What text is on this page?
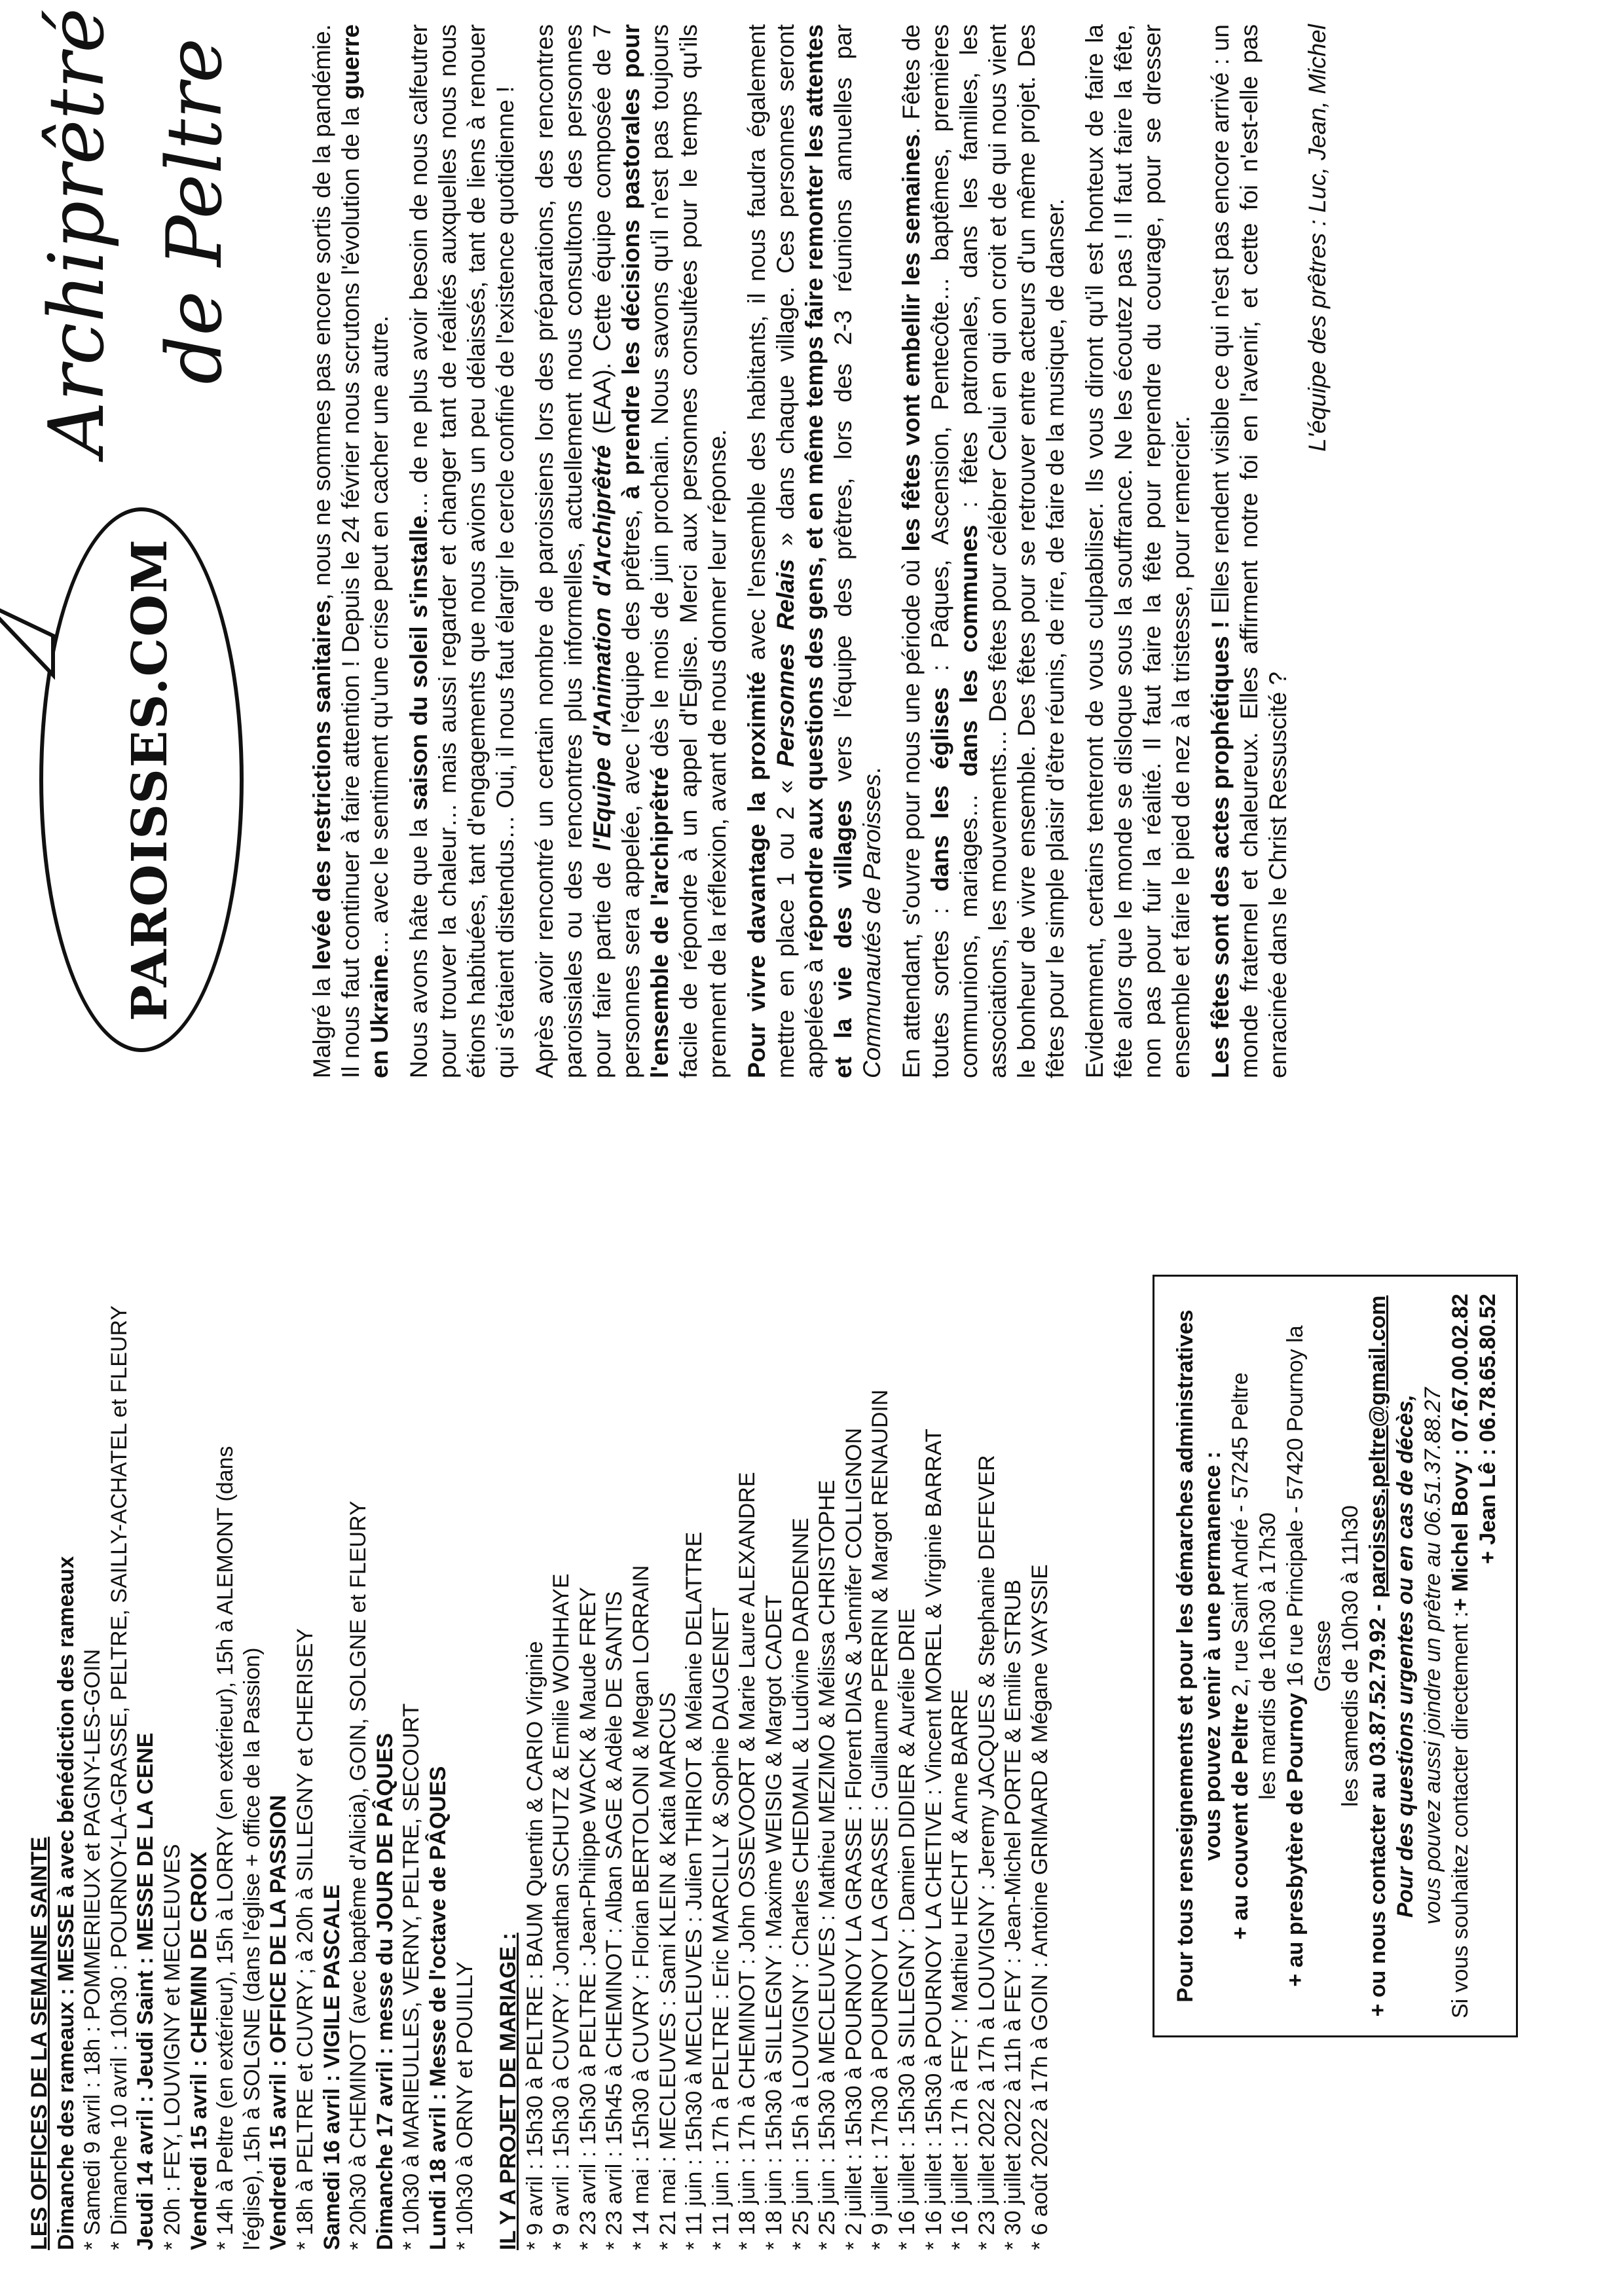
LES OFFICES DE LA SEMAINE SAINTE Dimanche des rameaux : MESSE à avec bénédiction des rameaux * Samedi 9 avril : 18h : POMMERIEUX et PAGNY-LES-GOIN * Dimanche 10 avril : 10h30 : POURNOY-LA-GRASSE, PELTRE, SAILLY-ACHATEL et FLEURY Jeudi 14 avril : Jeudi Saint : MESSE DE LA CENE * 20h : FEY, LOUVIGNY et MECLEUVES Vendredi 15 avril : CHEMIN DE CROIX * 14h à Peltre (en extérieur), 15h à LORRY (en extérieur), 15h à ALEMONT (dans l'église), 15h à SOLGNE (dans l'église + office de la Passion) Vendredi 15 avril : OFFICE DE LA PASSION * 18h à PELTRE et CUVRY ; à 20h à SILLEGNY et CHERISEY Samedi 16 avril : VIGILE PASCALE * 20h30 à CHEMINOT (avec baptême d'Alicia), GOIN, SOLGNE et FLEURY Dimanche 17 avril : messe du JOUR DE PÂQUES * 10h30 à MARIEULLES, VERNY, PELTRE, SECOURT Lundi 18 avril : Messe de l'octave de PÂQUES * 10h30 à ORNY et POUILLY IL Y A PROJET DE MARIAGE : * 9 avril : 15h30 à PELTRE : BAUM Quentin & CARIO Virginie * 9 avril : 15h30 à CUVRY : Jonathan SCHUTZ & Emilie WOIHHAYE * 23 avril : 15h30 à PELTRE : Jean-Philippe WACK & Maude FREY * 23 avril : 15h45 à CHEMINOT : Alban SAGE & Adèle DE SANTIS * 14 mai : 15h30 à CUVRY : Florian BERTOLONI & Megan LORRAIN * 21 mai : MECLEUVES : Sami KLEIN & Katia MARCUS * 11 juin : 15h30 à MECLEUVES : Julien THIRIOT & Mélanie DELATTRE * 11 juin : 17h à PELTRE : Eric MARCILLY & Sophie DAUGENET * 18 juin : 17h à CHEMINOT : John OSSEVOORT & Marie Laure ALEXANDRE * 18 juin : 15h30 à SILLEGNY : Maxime WEISIG & Margot CADET * 25 juin : 15h à LOUVIGNY : Charles CHEDMAIL & Ludivine DARDENNE * 25 juin : 15h30 à MECLEUVES : Mathieu MEZIMO & Mélissa CHRISTOPHE * 2 juillet : 15h30 à POURNOY LA GRASSE : Florent DIAS & Jennifer COLLIGNON * 9 juillet : 17h30 à POURNOY LA GRASSE : Guillaume PERRIN & Margot RENAUDIN * 16 juillet : 15h30 à SILLEGNY : Damien DIDIER & Aurélie DRIE * 16 juillet : 15h30 à POURNOY LA CHETIVE : Vincent MOREL & Virginie BARRAT * 16 juillet : 17h à FEY : Mathieu HECHT & Anne BARRE * 23 juillet 2022 à 17h à LOUVIGNY : Jeremy JACQUES & Stephanie DEFEVER * 30 juillet 2022 à 11h à FEY : Jean-Michel PORTE & Emilie STRUB * 6 août 2022 à 17h à GOIN : Antoine GRIMARD & Mégane VAYSSIE	Pour tous renseignements et pour les démarches administratives vous pouvez venir à une permanence : + au couvent de Peltre 2, rue Saint André - 57245 Peltre les mardis de 16h30 à 17h30
+ au presbytère de Pournoy 16 rue Principale - 57420 Pournoy la Grasse les samedis de 10h30 à 11h30 + ou nous contacter au 03.87.52.79.92 - paroisses.peltre@gmail.com Pour des questions urgentes ou en cas de décès, vous pouvez aussi joindre un prêtre au 06.51.37.88.27 Si vous souhaitez contacter directement :
+ Michel Bovy : 07.67.00.02.82 + Jean Lê : 06.78.65.80.52
PAROISSES.COM
Archiprêtré de Peltre

Malgré la levée des restrictions sanitaires, nous ne sommes pas encore sortis de la pandémie. Il nous faut continuer à faire attention ! Depuis le 24 février nous scrutons l'évolution de la guerre en Ukraine… avec le sentiment qu'une crise peut en cacher une autre. Nous avons hâte que la saison du soleil s'installe… de ne plus avoir besoin de nous calfeutrer pour trouver la chaleur… mais aussi regarder et changer tant de réalités auxquelles nous nous étions habituées, tant d'engagements que nous avions un peu délaissés, tant de liens à renouer qui s'étaient distendus… Oui, il nous faut élargir le cercle confiné de l'existence quotidienne ! Après avoir rencontré un certain nombre de paroissiens lors des préparations, des rencontres paroissiales ou des rencontres plus informelles, actuellement nous consultons des personnes pour faire partie de l'Equipe d'Animation d'Archiprêtré (EAA). Cette équipe composée de 7 personnes sera appelée, avec l'équipe des prêtres, à prendre les décisions pastorales pour l'ensemble de l'archiprêtré dès le mois de juin prochain. Nous savons qu'il n'est pas toujours facile de répondre à un appel d'Eglise. Merci aux personnes consultées pour le temps qu'ils prennent de la réflexion, avant de nous donner leur réponse. Pour vivre davantage la proximité avec l'ensemble des habitants, il nous faudra également mettre en place 1 ou 2 « Personnes Relais » dans chaque village. Ces personnes seront appelées à répondre aux questions des gens, et en même temps faire remonter les attentes et la vie des villages vers l'équipe des prêtres, lors des 2-3 réunions annuelles par Communautés de Paroisses. En attendant, s'ouvre pour nous une période où les fêtes vont embellir les semaines. Fêtes de toutes sortes : dans les églises : Pâques, Ascension, Pentecôte… baptêmes, premières communions, mariages… dans les communes : fêtes patronales, dans les familles, les associations, les mouvements… Des fêtes pour célébrer Celui en qui on croit et de qui nous vient le bonheur de vivre ensemble. Des fêtes pour se retrouver entre acteurs d'un même projet. Des fêtes pour le simple plaisir d'être réunis, de rire, de faire de la musique, de danser. Evidemment, certains tenteront de vous culpabiliser. Ils vous diront qu'il est honteux de faire la fête alors que le monde se disloque sous la souffrance. Ne les écoutez pas ! Il faut faire la fête, non pas pour fuir la réalité. Il faut faire la fête pour reprendre du courage, pour se dresser ensemble et faire le pied de nez à la tristesse, pour remercier. Les fêtes sont des actes prophétiques ! Elles rendent visible ce qui n'est pas encore arrivé : un monde fraternel et chaleureux. Elles affirment notre foi en l'avenir, et cette foi n'est-elle pas enracinée dans le Christ Ressuscité ?

L'équipe des prêtres : Luc, Jean, Michel
